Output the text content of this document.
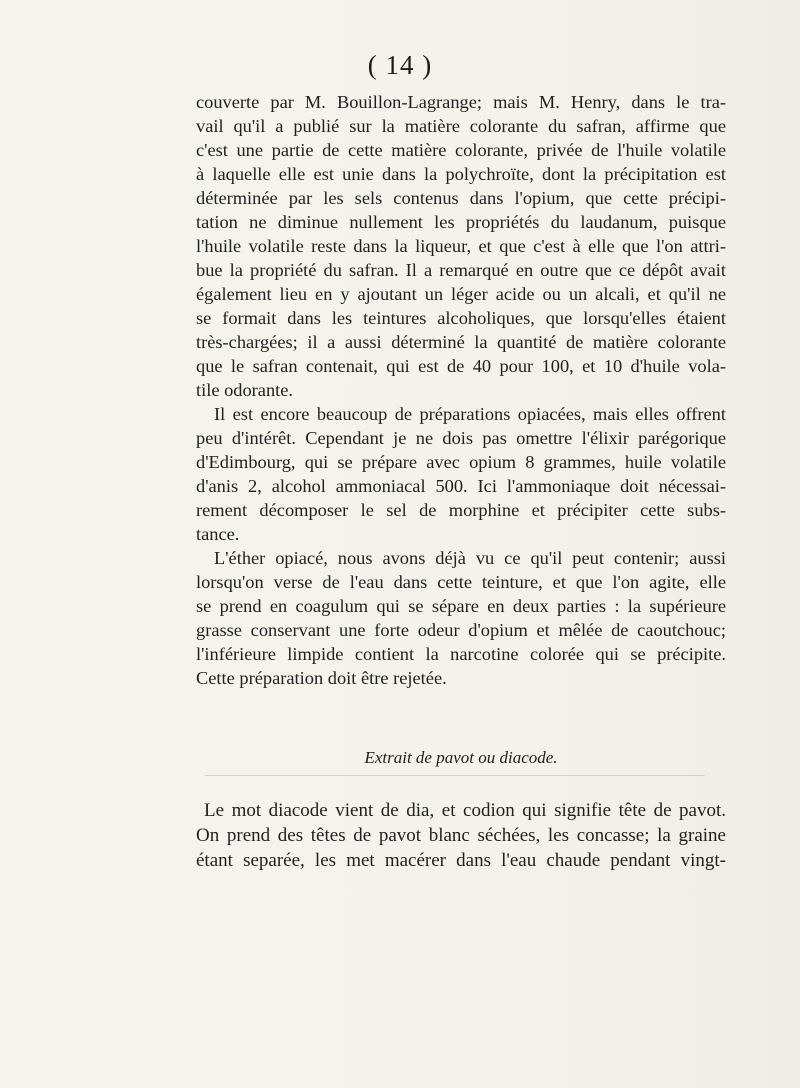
( 14 )
couverte par M. Bouillon-Lagrange; mais M. Henry, dans le tra-
vail qu'il a publié sur la matière colorante du safran, affirme que
c'est une partie de cette matière colorante, privée de l'huile volatile
à laquelle elle est unie dans la polychroïte, dont la précipitation est
déterminée par les sels contenus dans l'opium, que cette précipi-
tation ne diminue nullement les propriétés du laudanum, puisque
l'huile volatile reste dans la liqueur, et que c'est à elle que l'on attri-
bue la propriété du safran. Il a remarqué en outre que ce dépôt avait
également lieu en y ajoutant un léger acide ou un alcali, et qu'il ne
se formait dans les teintures alcoholiques, que lorsqu'elles étaient
très-chargées; il a aussi déterminé la quantité de matière colorante
que le safran contenait, qui est de 40 pour 100, et 10 d'huile vola-
tile odorante.
Il est encore beaucoup de préparations opiacées, mais elles offrent
peu d'intérêt. Cependant je ne dois pas omettre l'élixir parégorique
d'Edimbourg, qui se prépare avec opium 8 grammes, huile volatile
d'anis 2, alcohol ammoniacal 500. Ici l'ammoniaque doit nécessai-
rement décomposer le sel de morphine et précipiter cette subs-
tance.
L'éther opiacé, nous avons déjà vu ce qu'il peut contenir; aussi
lorsqu'on verse de l'eau dans cette teinture, et que l'on agite, elle
se prend en coagulum qui se sépare en deux parties : la supérieure
grasse conservant une forte odeur d'opium et mêlée de caoutchouc;
l'inférieure limpide contient la narcotine colorée qui se précipite.
Cette préparation doit être rejetée.
Extrait de pavot ou diacode.
Le mot diacode vient de dia, et codion qui signifie tête de pavot.
On prend des têtes de pavot blanc séchées, les concasse; la graine
étant separée, les met macérer dans l'eau chaude pendant vingt-
